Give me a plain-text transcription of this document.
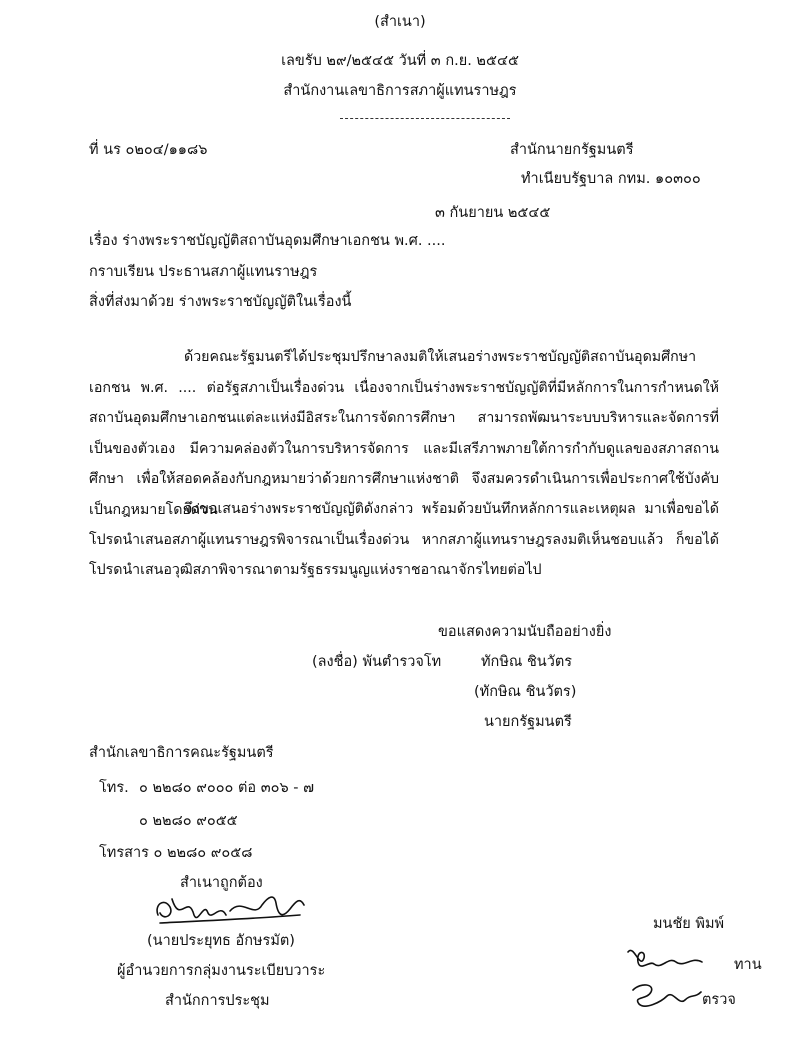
(สำเนา)
เลขรับ ๒๙/๒๕๔๕ วันที่ ๓ ก.ย. ๒๕๔๕
สำนักงานเลขาธิการสภาผู้แทนราษฎร
ที่ นร ๐๒๐๔/๑๑๘๖	สำนักนายกรัฐมนตรี
ทำเนียบรัฐบาล กทม. ๑๐๓๐๐
๓ กันยายน ๒๕๔๕
เรื่อง ร่างพระราชบัญญัติสถาบันอุดมศึกษาเอกชน พ.ศ. ....
กราบเรียน ประธานสภาผู้แทนราษฎร
สิ่งที่ส่งมาด้วย ร่างพระราชบัญญัติในเรื่องนี้
ด้วยคณะรัฐมนตรีได้ประชุมปรึกษาลงมติให้เสนอร่างพระราชบัญญัติสถาบันอุดมศึกษาเอกชน พ.ศ. .... ต่อรัฐสภาเป็นเรื่องด่วน เนื่องจากเป็นร่างพระราชบัญญัติที่มีหลักการในการกำหนดให้สถาบันอุดมศึกษาเอกชนแต่ละแห่งมีอิสระในการจัดการศึกษา สามารถพัฒนาระบบบริหารและจัดการที่เป็นของตัวเอง มีความคล่องตัวในการบริหารจัดการ และมีเสรีภาพภายใต้การกำกับดูแลของสภาสถานศึกษา เพื่อให้สอดคล้องกับกฎหมายว่าด้วยการศึกษาแห่งชาติ จึงสมควรดำเนินการเพื่อประกาศใช้บังคับเป็นกฎหมายโดยด่วน
จึงขอเสนอร่างพระราชบัญญัติดังกล่าว พร้อมด้วยบันทึกหลักการและเหตุผล มาเพื่อขอได้โปรดนำเสนอสภาผู้แทนราษฎรพิจารณาเป็นเรื่องด่วน หากสภาผู้แทนราษฎรลงมติเห็นชอบแล้ว ก็ขอได้โปรดนำเสนอวุฒิสภาพิจารณาตามรัฐธรรมนูญแห่งราชอาณาจักรไทยต่อไป
ขอแสดงความนับถืออย่างยิ่ง
(ลงชื่อ) พันตำรวจโท	ทักษิณ ชินวัตร
(ทักษิณ ชินวัตร)
นายกรัฐมนตรี
สำนักเลขาธิการคณะรัฐมนตรี
โทร. ๐ ๒๒๘๐ ๙๐๐๐ ต่อ ๓๐๖ - ๗
๐ ๒๒๘๐ ๙๐๕๕
โทรสาร ๐ ๒๒๘๐ ๙๐๕๘
สำเนาถูกต้อง
(นายประยุทธ อักษรมัต)
ผู้อำนวยการกลุ่มงานระเบียบวาระ
สำนักการประชุม
มนชัย พิมพ์
ทาน
ตรวจ
